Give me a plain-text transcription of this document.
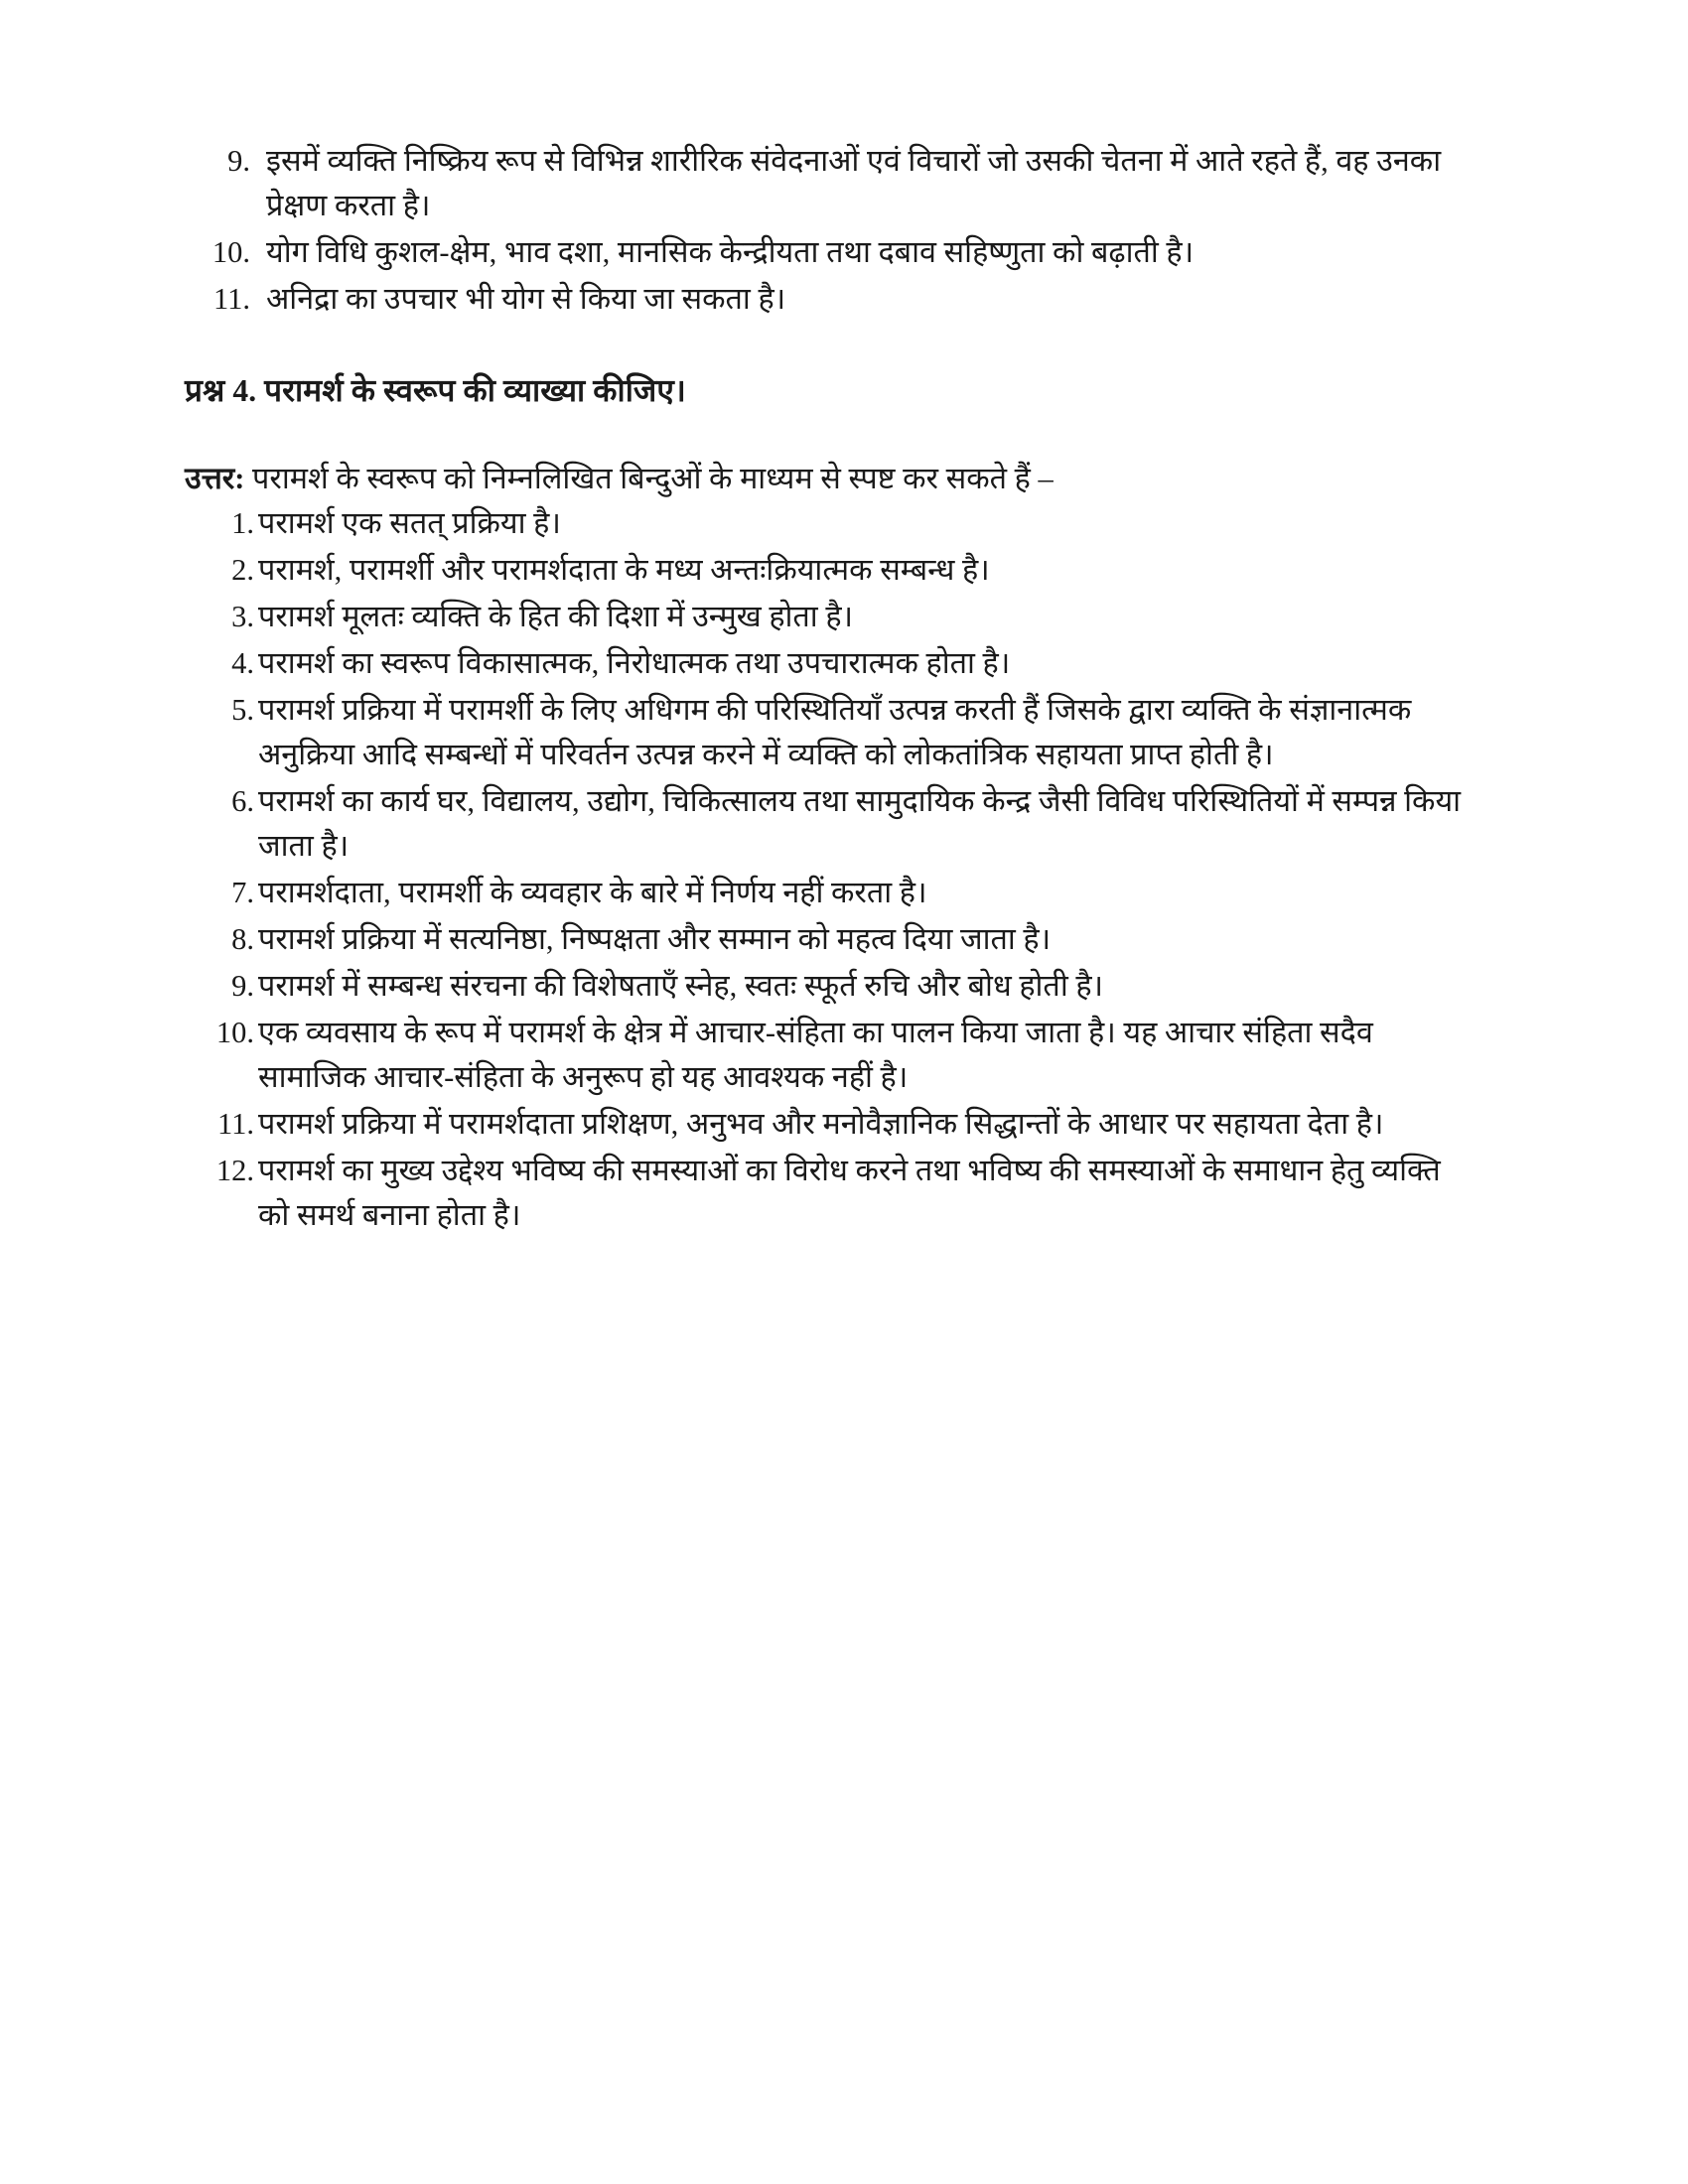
9. इसमें व्यक्ति निष्क्रिय रूप से विभिन्न शारीरिक संवेदनाओं एवं विचारों जो उसकी चेतना में आते रहते हैं, वह उनका प्रेक्षण करता है।
10. योग विधि कुशल-क्षेम, भाव दशा, मानसिक केन्द्रीयता तथा दबाव सहिष्णुता को बढ़ाती है।
11. अनिद्रा का उपचार भी योग से किया जा सकता है।

प्रश्न 4. परामर्श के स्वरूप की व्याख्या कीजिए।

उत्तर: परामर्श के स्वरूप को निम्नलिखित बिन्दुओं के माध्यम से स्पष्ट कर सकते हैं –

1. परामर्श एक सतत् प्रक्रिया है।
2. परामर्श, परामर्शी और परामर्शदाता के मध्य अन्तःक्रियात्मक सम्बन्ध है।
3. परामर्श मूलतः व्यक्ति के हित की दिशा में उन्मुख होता है।
4. परामर्श का स्वरूप विकासात्मक, निरोधात्मक तथा उपचारात्मक होता है।
5. परामर्श प्रक्रिया में परामर्शी के लिए अधिगम की परिस्थितियाँ उत्पन्न करती हैं जिसके द्वारा व्यक्ति के संज्ञानात्मक अनुक्रिया आदि सम्बन्धों में परिवर्तन उत्पन्न करने में व्यक्ति को लोकतांत्रिक सहायता प्राप्त होती है।
6. परामर्श का कार्य घर, विद्यालय, उद्योग, चिकित्सालय तथा सामुदायिक केन्द्र जैसी विविध परिस्थितियों में सम्पन्न किया जाता है।
7. परामर्शदाता, परामर्शी के व्यवहार के बारे में निर्णय नहीं करता है।
8. परामर्श प्रक्रिया में सत्यनिष्ठा, निष्पक्षता और सम्मान को महत्व दिया जाता है।
9. परामर्श में सम्बन्ध संरचना की विशेषताएँ स्नेह, स्वतः स्फूर्त रुचि और बोध होती है।
10. एक व्यवसाय के रूप में परामर्श के क्षेत्र में आचार-संहिता का पालन किया जाता है। यह आचार संहिता सदैव सामाजिक आचार-संहिता के अनुरूप हो यह आवश्यक नहीं है।
11. परामर्श प्रक्रिया में परामर्शदाता प्रशिक्षण, अनुभव और मनोवैज्ञानिक सिद्धान्तों के आधार पर सहायता देता है।
12. परामर्श का मुख्य उद्देश्य भविष्य की समस्याओं का विरोध करने तथा भविष्य की समस्याओं के समाधान हेतु व्यक्ति को समर्थ बनाना होता है।
